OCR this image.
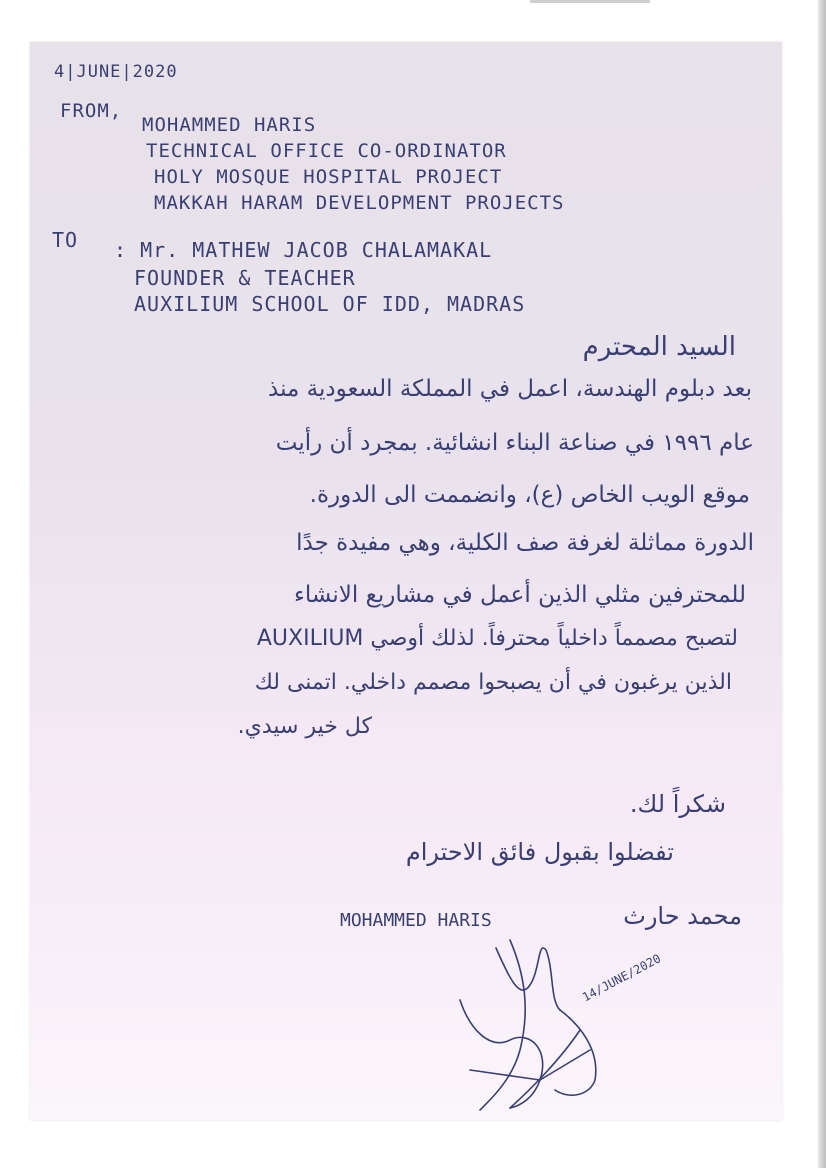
4|JUNE|2020
FROM,
MOHAMMED HARIS
TECHNICAL OFFICE CO-ORDINATOR
HOLY MOSQUE HOSPITAL PROJECT
MAKKAH HARAM DEVELOPMENT PROJECTS
TO : Mr. MATHEW JACOB CHALAMAKAL
FOUNDER & TEACHER
AUXILIUM SCHOOL OF IDD, MADRAS
السيد المحترم
بعد دبلوم الهندسة، اعمل في المملكة السعودية منذ
عام ١٩٩٦ في صناعة البناء انشائية. بمجرد أن رأيت
موقع الويب الخاص (ع)، وانضممت الى الدورة.
الدورة مماثلة لغرفة صف الكلية، وهي مفيدة جدًا
للمحترفين مثلي الذين أعمل في مشاريع الانشاء
لتصبح مصمماً داخلياً محترفاً. لذلك أوصي AUXILIUM
الذين يرغبون في أن يصبحوا مصمم داخلي. اتمنى لك
كل خير سيدي.
شكراً لك.
تفضلوا بقبول فائق الاحترام
MOHAMMED HARIS	محمد حارث
14/JUNE/2020
